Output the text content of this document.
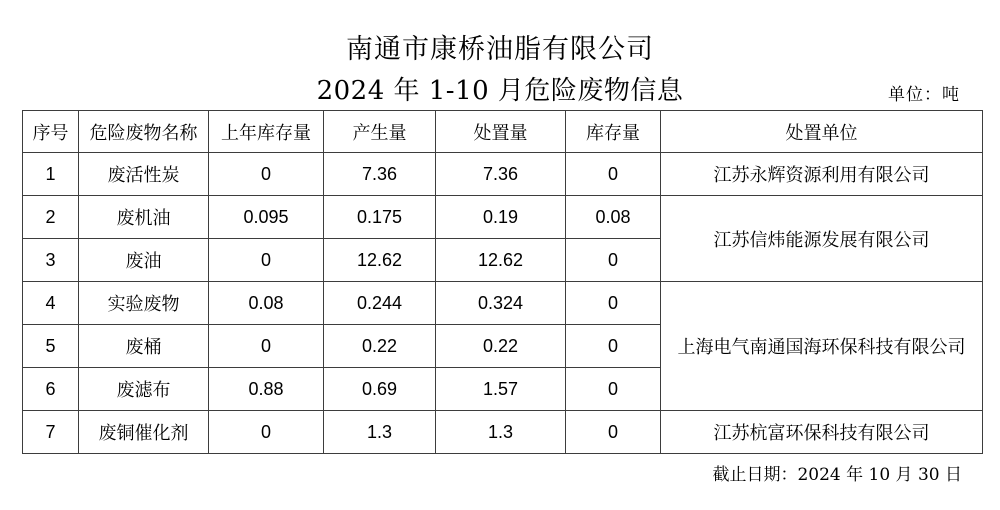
南通市康桥油脂有限公司
2024 年 1-10 月危险废物信息	单位：吨
序号	危险废物名称	上年库存量	产生量	处置量	库存量	处置单位
1	废活性炭	0	7.36	7.36	0	江苏永辉资源利用有限公司
2	废机油	0.095	0.175	0.19	0.08	江苏信炜能源发展有限公司
3	废油	0	12.62	12.62	0	
4	实验废物	0.08	0.244	0.324	0	上海电气南通国海环保科技有限公司
5	废桶	0	0.22	0.22	0	
6	废滤布	0.88	0.69	1.57	0	
7	废铜催化剂	0	1.3	1.3	0	江苏杭富环保科技有限公司
截止日期：2024 年 10 月 30 日
